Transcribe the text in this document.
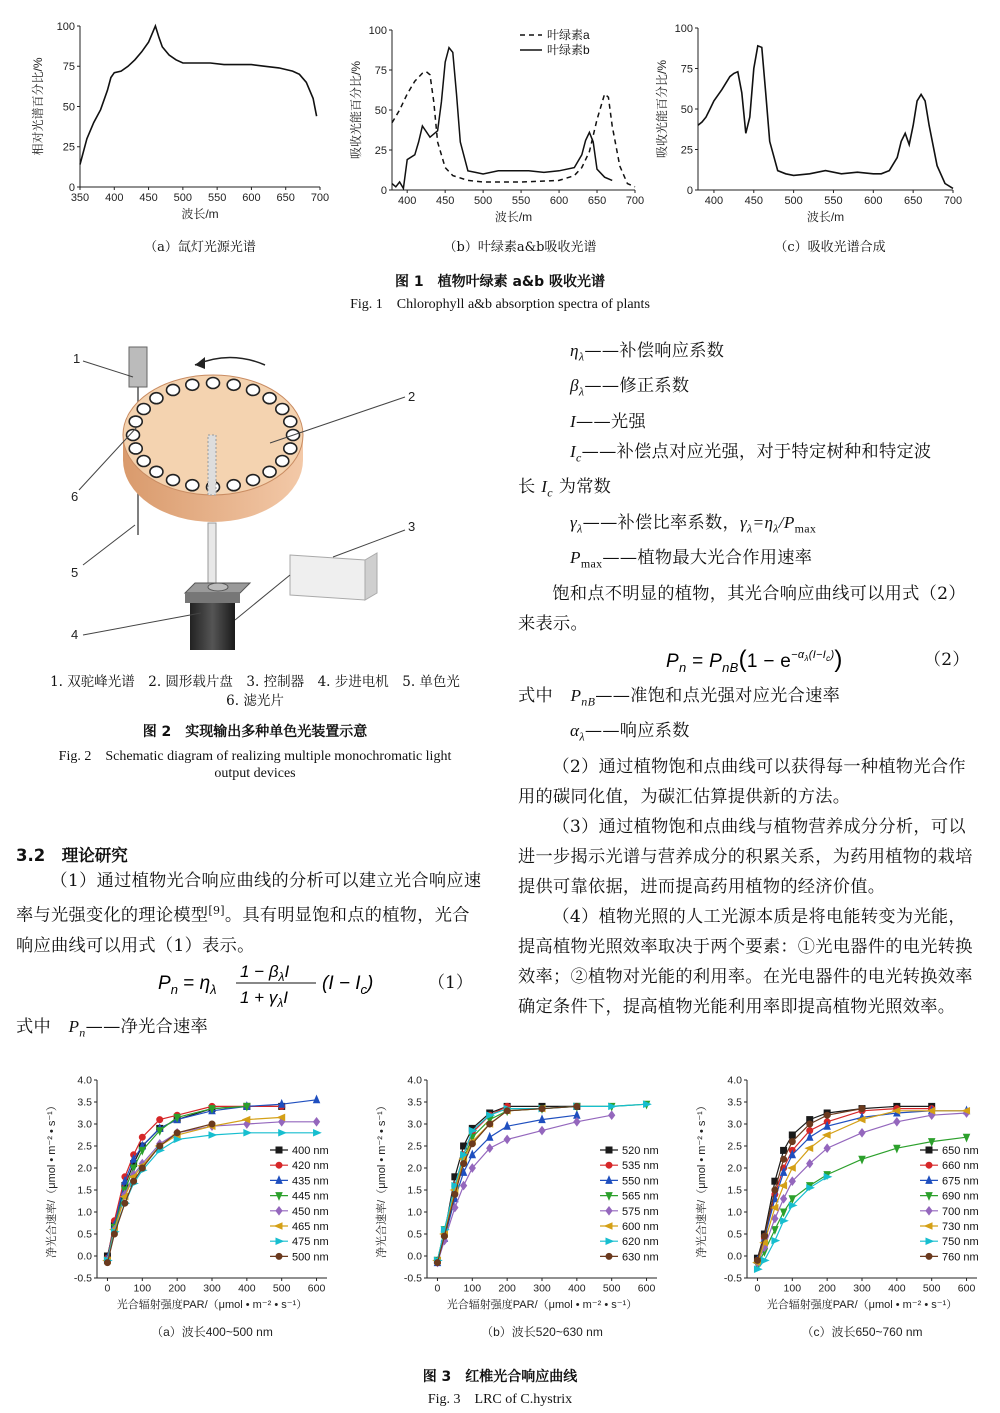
350 400 450 500 550 600 650 700
0
25
50
75
100
波长/m
相对光谱百分比/%
400 450 500 550 600 650 700
0
25
50
75
100
波长/m
吸收光能百分比/%
叶绿素a
叶绿素b
400 450 500 550 600 650 700
0
25
50
75
100
波长/m
吸收光能百分比/%
（a）氙灯光源光谱	（b）叶绿素a&b吸收光谱	（c）吸收光谱合成
图 1　植物叶绿素 a&b 吸收光谱
Fig. 1　Chlorophyll a&b absorption spectra of plants
1
2
3
4
5
6
1. 双驼峰光谱　2. 圆形载片盘　3. 控制器　4. 步进电机　5. 单色光
6. 滤光片
图 2　实现输出多种单色光装置示意
Fig. 2　Schematic diagram of realizing multiple monochromatic light
output devices
3.2　理论研究

（1）通过植物光合响应曲线的分析可以建立光合响应速率与光强变化的理论模型[9]。具有明显饱和点的植物，光合响应曲线可以用式（1）表示。

$P_n = \eta_\lambda$
$1 - \beta_\lambda I$
$1 + \gamma_\lambda I$
$(I - I_c)$	（1）
式中　 $P_n——$净光合速率
$\eta_\lambda——$补偿响应系数
$\beta_\lambda——$修正系数
I——光强
$I_c——$补偿点对应光强，对于特定树种和特定波

长 $I_c$ 为常数

$\gamma_\lambda——$补偿比率系数，$\gamma_\lambda=\eta_\lambda/P_{max}$
$P_{max}——$植物最大光合作用速率

饱和点不明显的植物，其光合响应曲线可以用式（2）来表示。

$P_n = P_{nB}(1 - e^{-\alpha}\lambda(I-Ic))$	（2）

式中　 $P_{nB}——$准饱和点光强对应光合速率

$\alpha_\lambda——$响应系数

（2）通过植物饱和点曲线可以获得每一种植物光合作用的碳同化值，为碳汇估算提供新的方法。

（3）通过植物饱和点曲线与植物营养成分分析，可以进一步揭示光谱与营养成分的积累关系，为药用植物的栽培提供可靠依据，进而提高药用植物的经济价值。

（4）植物光照的人工光源本质是将电能转变为光能，提高植物光照效率取决于两个要素：①光电器件的电光转换效率；②植物对光能的利用率。在光电器件的电光转换效率确定条件下，提高植物光能利用率即提高植物光照效率。

0 100 200 300 400 500 600
-0.5
0.0
0.5
1.0
1.5
2.0
2.5
3.0
3.5
4.0
光合辐射强度PAR/（μmol • m⁻² • s⁻¹）
净光合速率/（μmol • m⁻² • s⁻¹）	400 nm
420 nm
435 nm
445 nm
450 nm
465 nm
475 nm
500 nm
（a）波长400~500 nm
0 100 200 300 400 500 600
-0.5
0.0
0.5
1.0
1.5
2.0
2.5
3.0
3.5
4.0
光合辐射强度PAR/（μmol • m⁻² • s⁻¹）
净光合速率/（μmol • m⁻² • s⁻¹）	520 nm
535 nm
550 nm
565 nm
575 nm
600 nm
620 nm
630 nm
（b）波长520~630 nm
0 100 200 300 400 500 600
-0.5
0.0
0.5
1.0
1.5
2.0
2.5
3.0
3.5
4.0
光合辐射强度PAR/（μmol • m⁻² • s⁻¹）
净光合速率/（μmol • m⁻² • s⁻¹）	650 nm
660 nm
675 nm
690 nm
700 nm
730 nm
750 nm
760 nm
（c）波长650~760 nm
图 3　红椎光合响应曲线
Fig. 3　LRC of C.hystrix
